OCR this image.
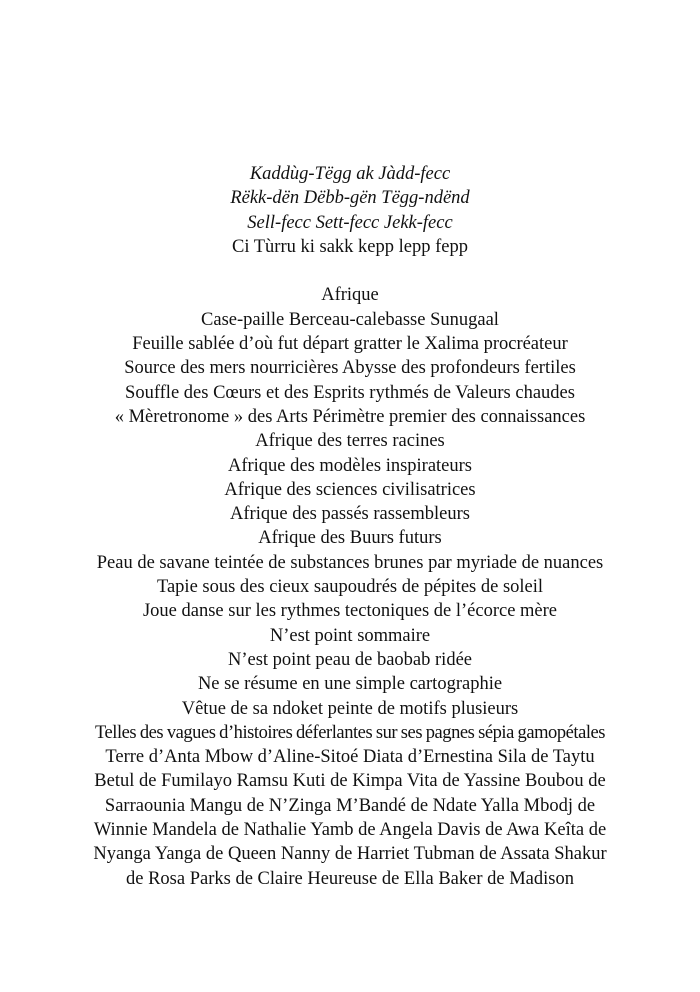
Kaddùg-Tëgg ak Jàdd-fecc
Rëkk-dën Dëbb-gën Tëgg-ndënd
Sell-fecc Sett-fecc Jekk-fecc
Ci Tùrru ki sakk kepp lepp fepp
Afrique
Case-paille Berceau-calebasse Sunugaal
Feuille sablée d’où fut départ gratter le Xalima procréateur
Source des mers nourricières Abysse des profondeurs fertiles
Souffle des Cœurs et des Esprits rythmés de Valeurs chaudes
« Mèretronome » des Arts Périmètre premier des connaissances
Afrique des terres racines
Afrique des modèles inspirateurs
Afrique des sciences civilisatrices
Afrique des passés rassembleurs
Afrique des Buurs futurs
Peau de savane teintée de substances brunes par myriade de nuances
Tapie sous des cieux saupoudrés de pépites de soleil
Joue danse sur les rythmes tectoniques de l’écorce mère
N’est point sommaire
N’est point peau de baobab ridée
Ne se résume en une simple cartographie
Vêtue de sa ndoket peinte de motifs plusieurs
Telles des vagues d’histoires déferlantes sur ses pagnes sépia gamopétales
Terre d’Anta Mbow d’Aline-Sitoé Diata d’Ernestina Sila de Taytu
Betul de Fumilayo Ramsu Kuti de Kimpa Vita de Yassine Boubou de
Sarraounia Mangu de N’Zinga M’Bandé de Ndate Yalla Mbodj de
Winnie Mandela de Nathalie Yamb de Angela Davis de Awa Keîta de
Nyanga Yanga de Queen Nanny de Harriet Tubman de Assata Shakur
de Rosa Parks de Claire Heureuse de Ella Baker de Madison
